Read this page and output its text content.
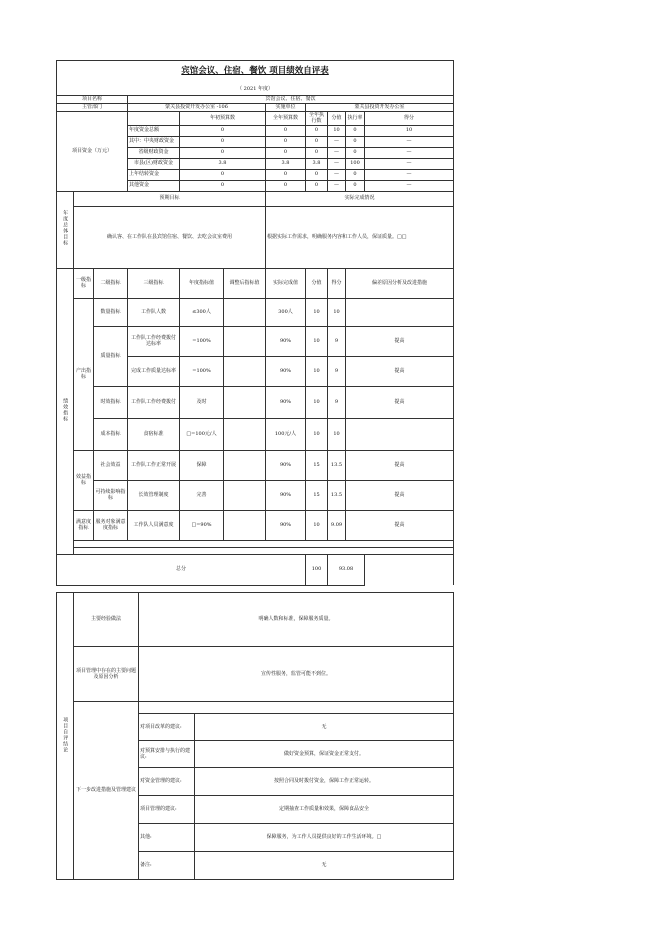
宾馆会议、住宿、餐饮 项目绩效自评表										
（ 2021 年度）										
项目名称			宾馆会议、住宿、餐饮							
主管部门			蒙关县投资开发办公室 -106			实施单位	蒙关县投资开发办公室			
项目资金（万元）				年初预算数		全年预算数	全年执行数	分值	执行率	得分
			年度资金总额	0		0	0	10	0	10
			其中：中央财政资金	0		0	0	—	0	—
			省级财政资金	0		0	0	—	0	—
			市县(区)财政资金	3.8		3.8	3.8	—	100	—
			上年结转资金	0		0	0	—	0	—
			其他资金	0		0	0	—	0	—
年度总体目标	预期目标					实际完成情况				
	确认客、在工作队在县宾馆住宿、餐饮、去吃会议室费用					根据实际工作需求，明确服务内容和工作人员，保证质量。□□				
绩效指标	一级指标	二级指标	三级指标	年度指标值	调整后指标值	实际完成值	分值	得分	偏差原因分析及改进措施	
	产出指标	数量指标	工作队人数	≤300人		300人	10	10		
		质量指标	工作队工作经费拨付达标率	=100%		90%	10	9	提高	
			完成工作质量达标率	=100%		90%	10	9	提高	
		时效指标	工作队工作经费拨付	及时		90%	10	9	提高	
		成本指标	食宿标准	□=100元/人		100元/人	10	10		
	效益指标	社会效益	工作队工作正常开展	保障		90%	15	13.5	提高	
		可持续影响指标	长效管理制度	完善		90%	15	13.5	提高	
	满意度指标	服务对象满意度指标	工作队人员满意度	□=90%		90%	10	9.09	提高	

总分							100	93.08		
项目自评结论	主要经验做法	明确人数和标准，保障服务质量。	
	项目管理中存在的主要问题及原因分析	宣传性服务，监管可能不到位。	
	下一步改进措施及管理建议		
		对项目改革的建议:	无
		对预算安排与执行的建议:	做好资金预算，保证资金正常支付。
		对资金管理的建议:	按照合同及时拨付资金，保障工作正常运转。
		项目管理的建议:	定期抽查工作质量和效果，保障食品安全
		其他:	保障服务，为工作人员提供良好的工作生活环境。□
		备注:	无
